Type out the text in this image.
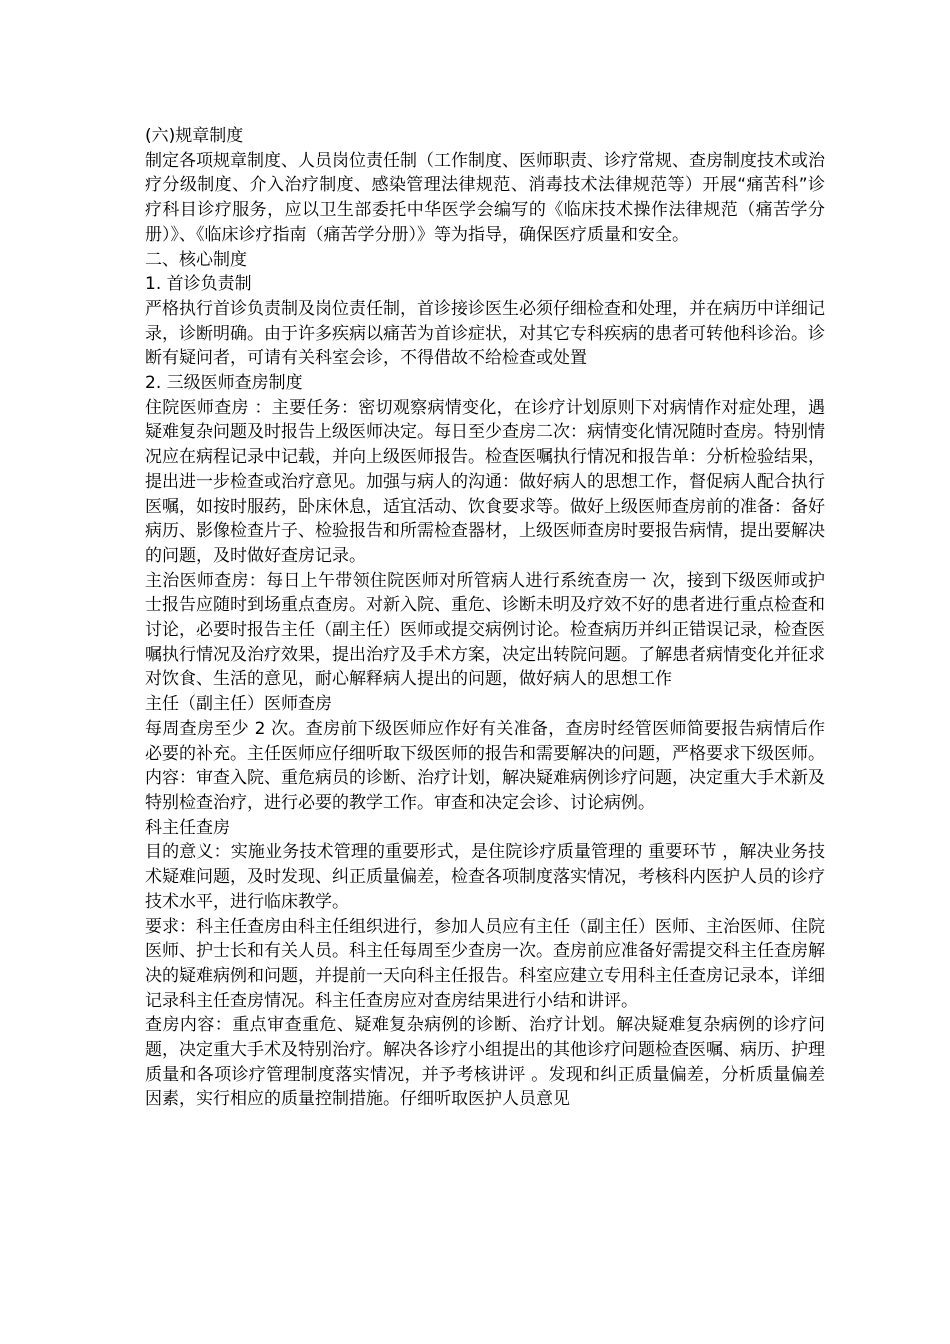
(六)规章制度

制定各项规章制度、人员岗位责任制（工作制度、医师职责、诊疗常规、查房制度技术或治疗分级制度、介入治疗制度、感染管理法律规范、消毒技术法律规范等）开展“痛苦科”诊疗科目诊疗服务，应以卫生部委托中华医学会编写的《临床技术操作法律规范（痛苦学分册）》、《临床诊疗指南（痛苦学分册）》等为指导，确保医疗质量和安全。

二、核心制度

1. 首诊负责制

严格执行首诊负责制及岗位责任制，首诊接诊医生必须仔细检查和处理，并在病历中详细记录，诊断明确。由于许多疾病以痛苦为首诊症状，对其它专科疾病的患者可转他科诊治。诊断有疑问者，可请有关科室会诊，不得借故不给检查或处置

2. 三级医师查房制度

住院医师查房 ：主要任务：密切观察病情变化，在诊疗计划原则下对病情作对症处理，遇疑难复杂问题及时报告上级医师决定。每日至少查房二次：病情变化情况随时查房。特别情况应在病程记录中记载，并向上级医师报告。检查医嘱执行情况和报告单：分析检验结果，提出进一步检查或治疗意见。加强与病人的沟通：做好病人的思想工作，督促病人配合执行医嘱，如按时服药，卧床休息，适宜活动、饮食要求等。做好上级医师查房前的准备：备好病历、影像检查片子、检验报告和所需检查器材，上级医师查房时要报告病情，提出要解决的问题，及时做好查房记录。

主治医师查房：每日上午带领住院医师对所管病人进行系统查房一 次，接到下级医师或护士报告应随时到场重点查房。对新入院、重危、诊断未明及疗效不好的患者进行重点检查和讨论，必要时报告主任（副主任）医师或提交病例讨论。检查病历并纠正错误记录，检查医嘱执行情况及治疗效果，提出治疗及手术方案，决定出转院问题。了解患者病情变化并征求对饮食、生活的意见，耐心解释病人提出的问题，做好病人的思想工作

主任（副主任）医师查房

每周查房至少 2 次。查房前下级医师应作好有关准备，查房时经管医师简要报告病情后作必要的补充。主任医师应仔细听取下级医师的报告和需要解决的问题，严格要求下级医师。内容：审查入院、重危病员的诊断、治疗计划，解决疑难病例诊疗问题，决定重大手术新及特别检查治疗，进行必要的教学工作。审查和决定会诊、讨论病例。

科主任查房

目的意义：实施业务技术管理的重要形式，是住院诊疗质量管理的 重要环节 ，解决业务技术疑难问题，及时发现、纠正质量偏差，检查各项制度落实情况，考核科内医护人员的诊疗技术水平，进行临床教学。

要求：科主任查房由科主任组织进行，参加人员应有主任（副主任）医师、主治医师、住院医师、护士长和有关人员。科主任每周至少查房一次。查房前应准备好需提交科主任查房解决的疑难病例和问题，并提前一天向科主任报告。科室应建立专用科主任查房记录本，详细记录科主任查房情况。科主任查房应对查房结果进行小结和讲评。

查房内容：重点审查重危、疑难复杂病例的诊断、治疗计划。解决疑难复杂病例的诊疗问题，决定重大手术及特别治疗。解决各诊疗小组提出的其他诊疗问题检查医嘱、病历、护理质量和各项诊疗管理制度落实情况，并予考核讲评 。发现和纠正质量偏差，分析质量偏差因素，实行相应的质量控制措施。仔细听取医护人员意见
